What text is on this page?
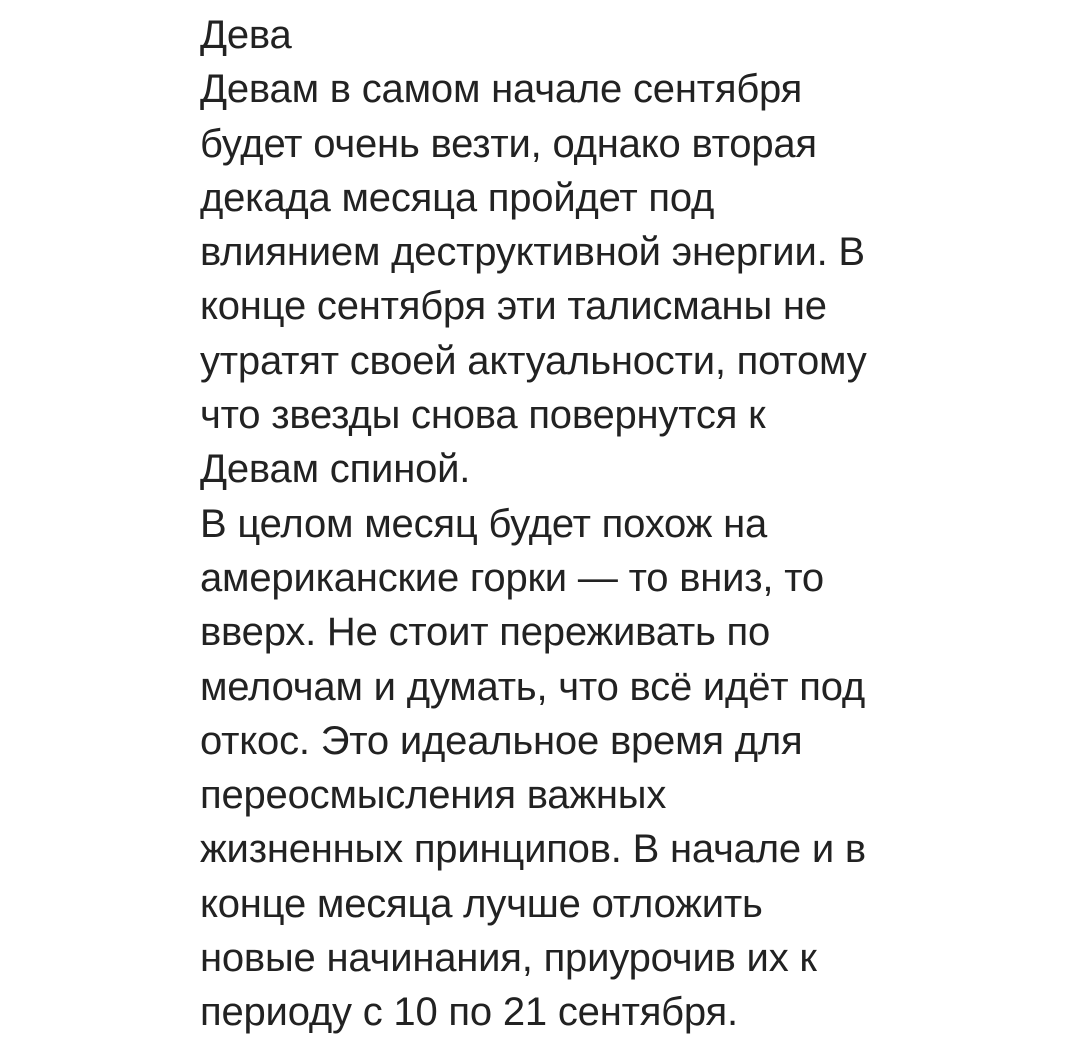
Дева
Девам в самом начале сентября
будет очень везти, однако вторая
декада месяца пройдет под
влиянием деструктивной энергии. В
конце сентября эти талисманы не
утратят своей актуальности, потому
что звезды снова повернутся к
Девам спиной.
В целом месяц будет похож на
американские горки — то вниз, то
вверх. Не стоит переживать по
мелочам и думать, что всё идёт под
откос. Это идеальное время для
переосмысления важных
жизненных принципов. В начале и в
конце месяца лучше отложить
новые начинания, приурочив их к
периоду с 10 по 21 сентября.
